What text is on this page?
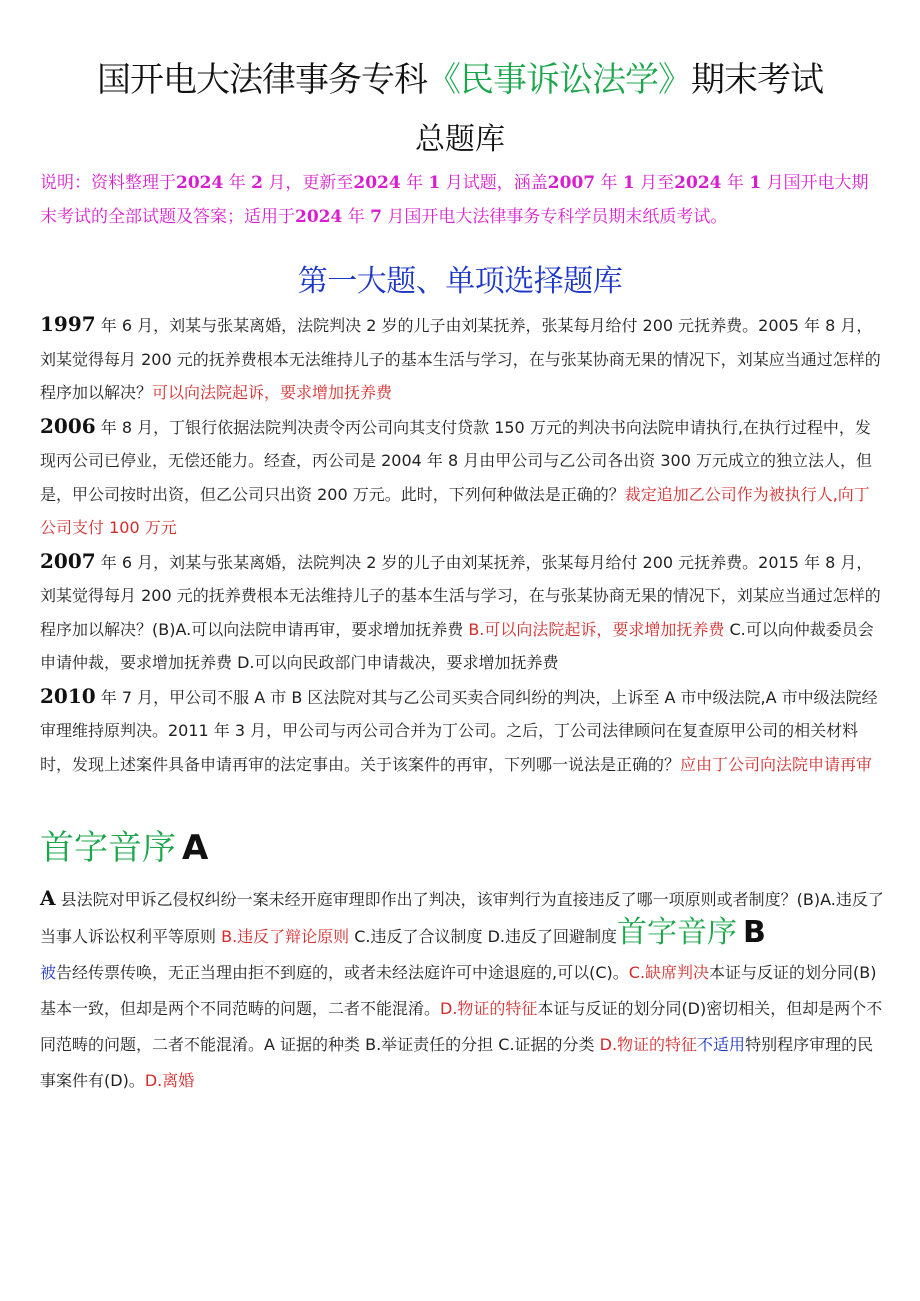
国开电大法律事务专科《民事诉讼法学》期末考试
总题库
说明：资料整理于2024 年 2 月，更新至2024 年 1 月试题，涵盖2007 年 1 月至2024 年 1 月国开电大期末考试的全部试题及答案；适用于2024 年 7 月国开电大法律事务专科学员期末纸质考试。
第一大题、单项选择题库

1997 年 6 月，刘某与张某离婚，法院判决 2 岁的儿子由刘某抚养，张某每月给付 200 元抚养费。2005 年 8 月，刘某觉得每月 200 元的抚养费根本无法维持儿子的基本生活与学习，在与张某协商无果的情况下，刘某应当通过怎样的程序加以解决？可以向法院起诉，要求增加抚养费

2006 年 8 月，丁银行依据法院判决责令丙公司向其支付贷款 150 万元的判决书向法院申请执行,在执行过程中，发现丙公司已停业，无偿还能力。经查，丙公司是 2004 年 8 月由甲公司与乙公司各出资 300 万元成立的独立法人，但是，甲公司按时出资，但乙公司只出资 200 万元。此时，下列何种做法是正确的？裁定追加乙公司作为被执行人,向丁公司支付 100 万元

2007 年 6 月，刘某与张某离婚，法院判决 2 岁的儿子由刘某抚养，张某每月给付 200 元抚养费。2015 年 8 月，刘某觉得每月 200 元的抚养费根本无法维持儿子的基本生活与学习，在与张某协商无果的情况下，刘某应当通过怎样的程序加以解决？(B)A.可以向法院申请再审，要求增加抚养费 B.可以向法院起诉，要求增加抚养费 C.可以向仲裁委员会申请仲裁，要求增加抚养费 D.可以向民政部门申请裁决，要求增加抚养费

2010 年 7 月，甲公司不服 A 市 B 区法院对其与乙公司买卖合同纠纷的判决，上诉至 A 市中级法院,A 市中级法院经审理维持原判决。2011 年 3 月，甲公司与丙公司合并为丁公司。之后，丁公司法律顾问在复查原甲公司的相关材料时，发现上述案件具备申请再审的法定事由。关于该案件的再审，下列哪一说法是正确的？应由丁公司向法院申请再审

首字音序 A
A 县法院对甲诉乙侵权纠纷一案未经开庭审理即作出了判决，该审判行为直接违反了哪一项原则或者制度？(B)A.违反了当事人诉讼权利平等原则 B.违反了辩论原则 C.违反了合议制度 D.违反了回避制度首字音序 B
被告经传票传唤，无正当理由拒不到庭的，或者未经法庭许可中途退庭的,可以(C)。C.缺席判决本证与反证的划分同(B)基本一致，但却是两个不同范畴的问题，二者不能混淆。D.物证的特征本证与反证的划分同(D)密切相关，但却是两个不同范畴的问题，二者不能混淆。A 证据的种类 B.举证责任的分担 C.证据的分类 D.物证的特征不适用特别程序审理的民事案件有(D)。D.离婚
